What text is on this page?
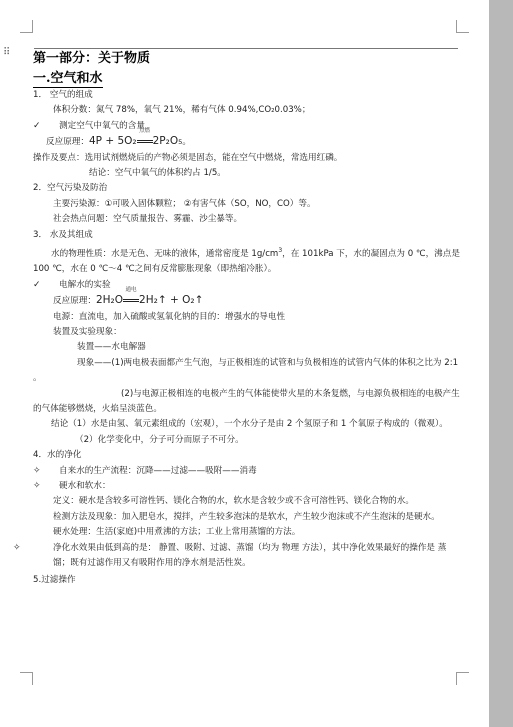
⠿ 第一部分：关于物质
一.空气和水
1． 空气的组成
体积分数：氮气 78%，氧气 21%，稀有气体 0.94%,CO₂0.03%；
✓ 测定空气中氧气的含量
反应原理：4P + 5O₂
点燃
2P₂O₅。
操作及要点：选用试剂燃烧后的产物必须是固态，能在空气中燃烧，常选用红磷。
结论：空气中氧气的体积约占 1/5。
2．空气污染及防治
主要污染源：①可吸入固体颗粒； ②有害气体（SO，NO，CO）等。
社会热点问题：空气质量报告、雾霾、沙尘暴等。
3． 水及其组成
水的物理性质：水是无色、无味的液体，通常密度是 $1g/cm^3$，在 101kPa 下，水的凝固点为 0 ℃，沸点是 100 ℃，水在 0 ℃～4 ℃之间有反常膨胀现象（即热缩冷胀）。
✓ 电解水的实验
反应原理：2H₂O
通电
2H₂↑ + O₂↑
电源：直流电，加入硫酸或氢氧化钠的目的：增强水的导电性
装置及实验现象：
装置——水电解器
现象——(1)两电极表面都产生气泡，与正极相连的试管和与负极相连的试管内气体的体积之比为 2:1 。
(2)与电源正极相连的电极产生的气体能使带火星的木条复燃，与电源负极相连的电极产生的气体能够燃烧，火焰呈淡蓝色。
结论（1）水是由氢、氧元素组成的（宏观），一个水分子是由 2 个氢原子和 1 个氧原子构成的（微观）。
（2）化学变化中，分子可分而原子不可分。
4．水的净化
✧ 自来水的生产流程：沉降——过滤——吸附——消毒
✧ 硬水和软水：
定义：硬水是含较多可溶性钙、镁化合物的水，软水是含较少或不含可溶性钙、镁化合物的水。
检测方法及现象：加入肥皂水，搅拌，产生较多泡沫的是软水，产生较少泡沫或不产生泡沫的是硬水。
硬水处理：生活(家庭)中用煮沸的方法；工业上常用蒸馏的方法。
✧	净化水效果由低到高的是： 静置、吸附、过滤、蒸馏（均为 物理 方法），其中净化效果最好的操作是 蒸馏；既有过滤作用又有吸附作用的净水剂是活性炭。
5.过滤操作
